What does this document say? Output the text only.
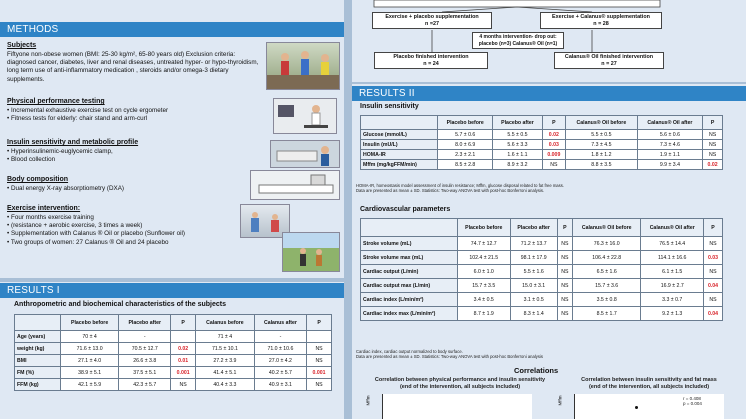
METHODS
Subjects
Fiftyone non-obese women (BMI: 25-30 kg/m², 65-80 years old) Exclusion criteria: diagnosed cancer, diabetes, liver and renal diseases, untreated hyper- or hypo-thyroidism, long term use of anti-inflammatory medication , steroids and/or omega-3 dietary supplements.
Physical performance testing
• Incremental exhaustive exercise test on cycle ergometer
• Fitness tests for elderly: chair stand and arm-curl
Insulin sensitivity and metabolic profile
• Hyperinsulinemic-euglycemic clamp,
• Blood collection
Body composition
• Dual energy X-ray absorptiometry (DXA)
Exercise intervention:
• Four months exercise training
• (resistance + aerobic exercise, 3 times a week)
• Supplementation with Calanus ® Oil or placebo (Sunflower oil)
• Two groups of women: 27 Calanus ® Oil and 24 placebo
RESULTS I
Anthropometric and biochemical characteristics of the subjects
	Placebo before	Placebo after	P	Calanus before	Calanus after	P
Age (years)	70 ± 4	-		71 ± 4	-	
weight (kg)	71.6 ± 13.0	70.5 ± 12.7	0.02	71.5 ± 10.1	71.0 ± 10.6	NS
BMI	27.1 ± 4.0	26.6 ± 3.8	0.01	27.2 ± 3.9	27.0 ± 4.2	NS
FM (%)	38.9 ± 5.1	37.5 ± 5.1	0.001	41.4 ± 5.1	40.2 ± 5.7	0.001
FFM (kg)	42.1 ± 5.9	42.3 ± 5.7	NS	40.4 ± 3.3	40.9 ± 3.1	NS
Exercise + placebo supplementation
n =27
Exercise + Calanus® supplementation
n = 28
4 months intervention- drop out:
placebo (n=3) Calanus® Oil (n=1)
Placebo finished intervention
n = 24
Calanus® Oil finished intervention
n = 27
RESULTS II
Insulin sensitivity
	Placebo before	Placebo after	P	Calanus® Oil before	Calanus® Oil after	P
Glucose (mmol/L)	5.7 ± 0.6	5.5 ± 0.5	0.02	5.5 ± 0.5	5.6 ± 0.6	NS
Insulin (mU/L)	8.0 ± 6.9	5.6 ± 3.3	0.03	7.3 ± 4.5	7.3 ± 4.6	NS
HOMA-IR	2.3 ± 2.1	1.6 ± 1.1	0.009	1.8 ± 1.2	1.9 ± 1.1	NS
Mffm (mg/kgFFM/min)	8.5 ± 2.8	8.9 ± 3.2	NS	8.8 ± 3.5	9.9 ± 3.4	0.02
HOMA-IR, homeostasis model assessment of insulin resistance; Mffm, glucose disposal related to fat free mass.
Data are presented as mean ± SD. Statistics: Two-way ANOVA test with post-hoc Bonferroni analysis.
Cardiovascular parameters
	Placebo before	Placebo after	P	Calanus® Oil before	Calanus® Oil after	P
Stroke volume (mL)	74.7 ± 12.7	71.2 ± 13.7	NS	76.3 ± 16.0	76.5 ± 14.4	NS
Stroke volume max (mL)	102.4 ± 21.5	98.1 ± 17.9	NS	106.4 ± 22.8	114.1 ± 16.6	0.03
Cardiac output (L/min)	6.0 ± 1.0	5.5 ± 1.6	NS	6.5 ± 1.6	6.1 ± 1.5	NS
Cardiac output max (L/min)	15.7 ± 3.5	15.0 ± 3.1	NS	15.7 ± 3.6	16.9 ± 2.7	0.04
Cardiac index (L/min/m²)	3.4 ± 0.5	3.1 ± 0.5	NS	3.5 ± 0.8	3.3 ± 0.7	NS
Cardiac index max (L/min/m²)	8.7 ± 1.9	8.3 ± 1.4	NS	8.5 ± 1.7	9.2 ± 1.3	0.04
Cardiac index, cardiac output normalized to body surface.
Data are presented as mean ± SD. Statistics: Two-way ANOVA test with post-hoc Bonferroni analysis
Correlations
Correlation between physical performance and insulin sensitivity
(end of the intervention, all subjects included)
Correlation between insulin sensitivity and fat mass
(end of the intervention, all subjects included)
Mffm	Mffm	r = 0.408
p = 0.004
